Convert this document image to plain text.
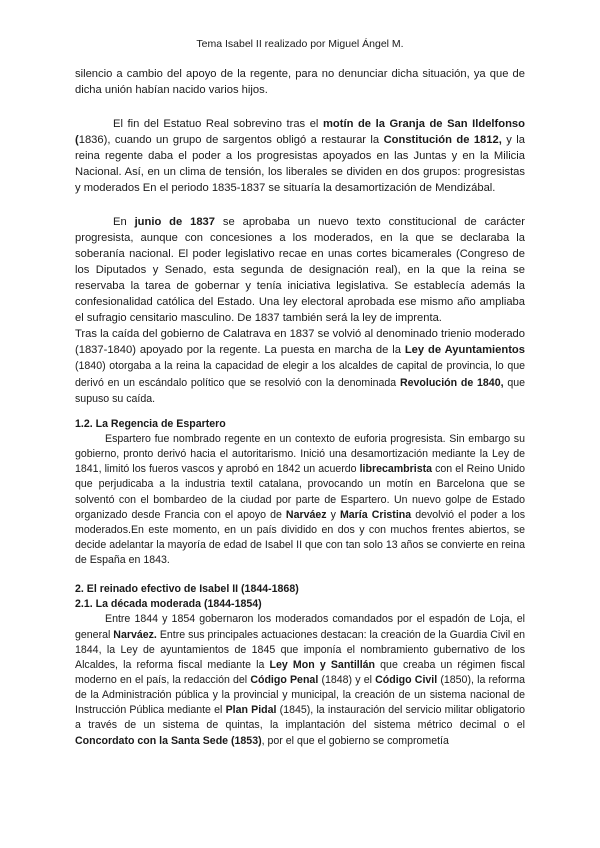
Tema Isabel II realizado por Miguel Ángel M.

silencio a cambio del apoyo de la regente, para no denunciar dicha situación, ya que de dicha unión habían nacido varios hijos.

El fin del Estatuo Real sobrevino tras el motín de la Granja de San Ildelfonso (1836), cuando un grupo de sargentos obligó a restaurar la Constitución de 1812, y la reina regente daba el poder a los progresistas apoyados en las Juntas y en la Milicia Nacional. Así, en un clima de tensión, los liberales se dividen en dos grupos: progresistas y moderados En el periodo 1835-1837 se situaría la desamortización de Mendizábal.

En junio de 1837 se aprobaba un nuevo texto constitucional de carácter progresista, aunque con concesiones a los moderados, en la que se declaraba la soberanía nacional. El poder legislativo recae en unas cortes bicamerales (Congreso de los Diputados y Senado, esta segunda de designación real), en la que la reina se reservaba la tarea de gobernar y tenía iniciativa legislativa. Se establecía además la confesionalidad católica del Estado. Una ley electoral aprobada ese mismo año ampliaba el sufragio censitario masculino. De 1837 también será la ley de imprenta.

Tras la caída del gobierno de Calatrava en 1837 se volvió al denominado trienio moderado (1837-1840) apoyado por la regente. La puesta en marcha de la Ley de Ayuntamientos (1840) otorgaba a la reina la capacidad de elegir a los alcaldes de capital de provincia, lo que derivó en un escándalo político que se resolvió con la denominada Revolución de 1840, que supuso su caída.

1.2. La Regencia de Espartero

Espartero fue nombrado regente en un contexto de euforia progresista. Sin embargo su gobierno, pronto derivó hacia el autoritarismo. Inició una desamortización mediante la Ley de 1841, limitó los fueros vascos y aprobó en 1842 un acuerdo librecambrista con el Reino Unido que perjudicaba a la industria textil catalana, provocando un motín en Barcelona que se solventó con el bombardeo de la ciudad por parte de Espartero. Un nuevo golpe de Estado organizado desde Francia con el apoyo de Narváez y María Cristina devolvió el poder a los moderados.En este momento, en un país dividido en dos y con muchos frentes abiertos, se decide adelantar la mayoría de edad de Isabel II que con tan solo 13 años se convierte en reina de España en 1843.

2. El reinado efectivo de Isabel II (1844-1868)

2.1. La década moderada (1844-1854)

Entre 1844 y 1854 gobernaron los moderados comandados por el espadón de Loja, el general Narváez. Entre sus principales actuaciones destacan: la creación de la Guardia Civil en 1844, la Ley de ayuntamientos de 1845 que imponía el nombramiento gubernativo de los Alcaldes, la reforma fiscal mediante la Ley Mon y Santillán que creaba un régimen fiscal moderno en el país, la redacción del Código Penal (1848) y el Código Civil (1850), la reforma de la Administración pública y la provincial y municipal, la creación de un sistema nacional de Instrucción Pública mediante el Plan Pidal (1845), la instauración del servicio militar obligatorio a través de un sistema de quintas, la implantación del sistema métrico decimal o el Concordato con la Santa Sede (1853), por el que el gobierno se comprometía
